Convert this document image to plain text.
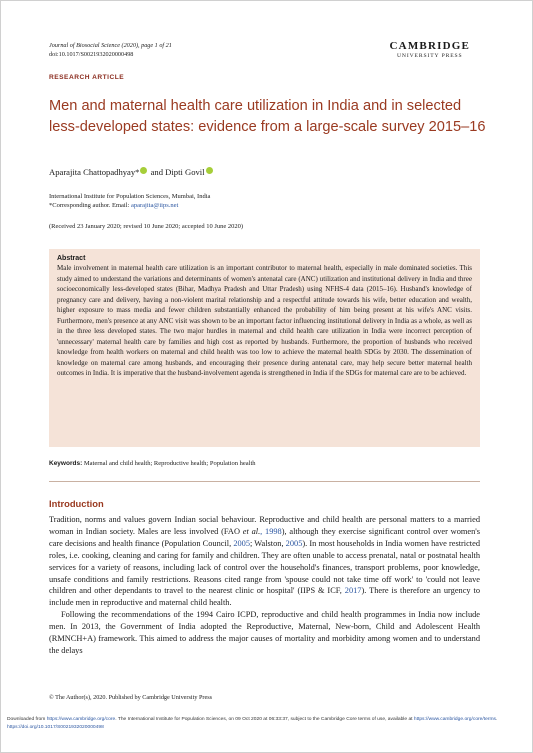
Journal of Biosocial Science (2020), page 1 of 21
doi:10.1017/S0021932020000498
CAMBRIDGE
UNIVERSITY PRESS
RESEARCH ARTICLE
Men and maternal health care utilization in India and in selected less-developed states: evidence from a large-scale survey 2015–16
Aparajita Chattopadhyay* and Dipti Govil
International Institute for Population Sciences, Mumbai, India
*Corresponding author. Email: aparajita@iips.net
(Received 23 January 2020; revised 10 June 2020; accepted 10 June 2020)
Abstract
Male involvement in maternal health care utilization is an important contributor to maternal health, especially in male dominated societies. This study aimed to understand the variations and determinants of women's antenatal care (ANC) utilization and institutional delivery in India and three socioeconomically less-developed states (Bihar, Madhya Pradesh and Uttar Pradesh) using NFHS-4 data (2015–16). Husband's knowledge of pregnancy care and delivery, having a non-violent marital relationship and a respectful attitude towards his wife, better education and wealth, higher exposure to mass media and fewer children substantially enhanced the probability of him being present at his wife's ANC visits. Furthermore, men's presence at any ANC visit was shown to be an important factor influencing institutional delivery in India as a whole, as well as in the three less developed states. The two major hurdles in maternal and child health care utilization in India were incorrect perception of 'unnecessary' maternal health care by families and high cost as reported by husbands. Furthermore, the proportion of husbands who received knowledge from health workers on maternal and child health was too low to achieve the maternal health SDGs by 2030. The dissemination of knowledge on maternal care among husbands, and encouraging their presence during antenatal care, may help secure better maternal health outcomes in India. It is imperative that the husband-involvement agenda is strengthened in India if the SDGs for maternal care are to be achieved.
Keywords: Maternal and child health; Reproductive health; Population health
Introduction

Tradition, norms and values govern Indian social behaviour. Reproductive and child health are personal matters to a married woman in Indian society. Males are less involved (FAO et al., 1998), although they exercise significant control over women's care decisions and health finance (Population Council, 2005; Walston, 2005). In most households in India women have restricted roles, i.e. cooking, cleaning and caring for family and children. They are often unable to access prenatal, natal or postnatal health services for a variety of reasons, including lack of control over the household's finances, transport problems, poor knowledge, unsafe conditions and family restrictions. Reasons cited range from 'spouse could not take time off work' to 'could not leave children and other dependants to travel to the nearest clinic or hospital' (IIPS & ICF, 2017). There is therefore an urgency to include men in reproductive and maternal child health.

Following the recommendations of the 1994 Cairo ICPD, reproductive and child health programmes in India now include men. In 2013, the Government of India adopted the Reproductive, Maternal, New-born, Child and Adolescent Health (RMNCH+A) framework. This aimed to address the major causes of mortality and morbidity among women and to understand the delays

© The Author(s), 2020. Published by Cambridge University Press
Downloaded from https://www.cambridge.org/core. The International Institute for Population Sciences, on 09 Oct 2020 at 06:33:37, subject to the Cambridge Core terms of use, available at https://www.cambridge.org/core/terms. https://doi.org/10.1017/S0021932020000498
